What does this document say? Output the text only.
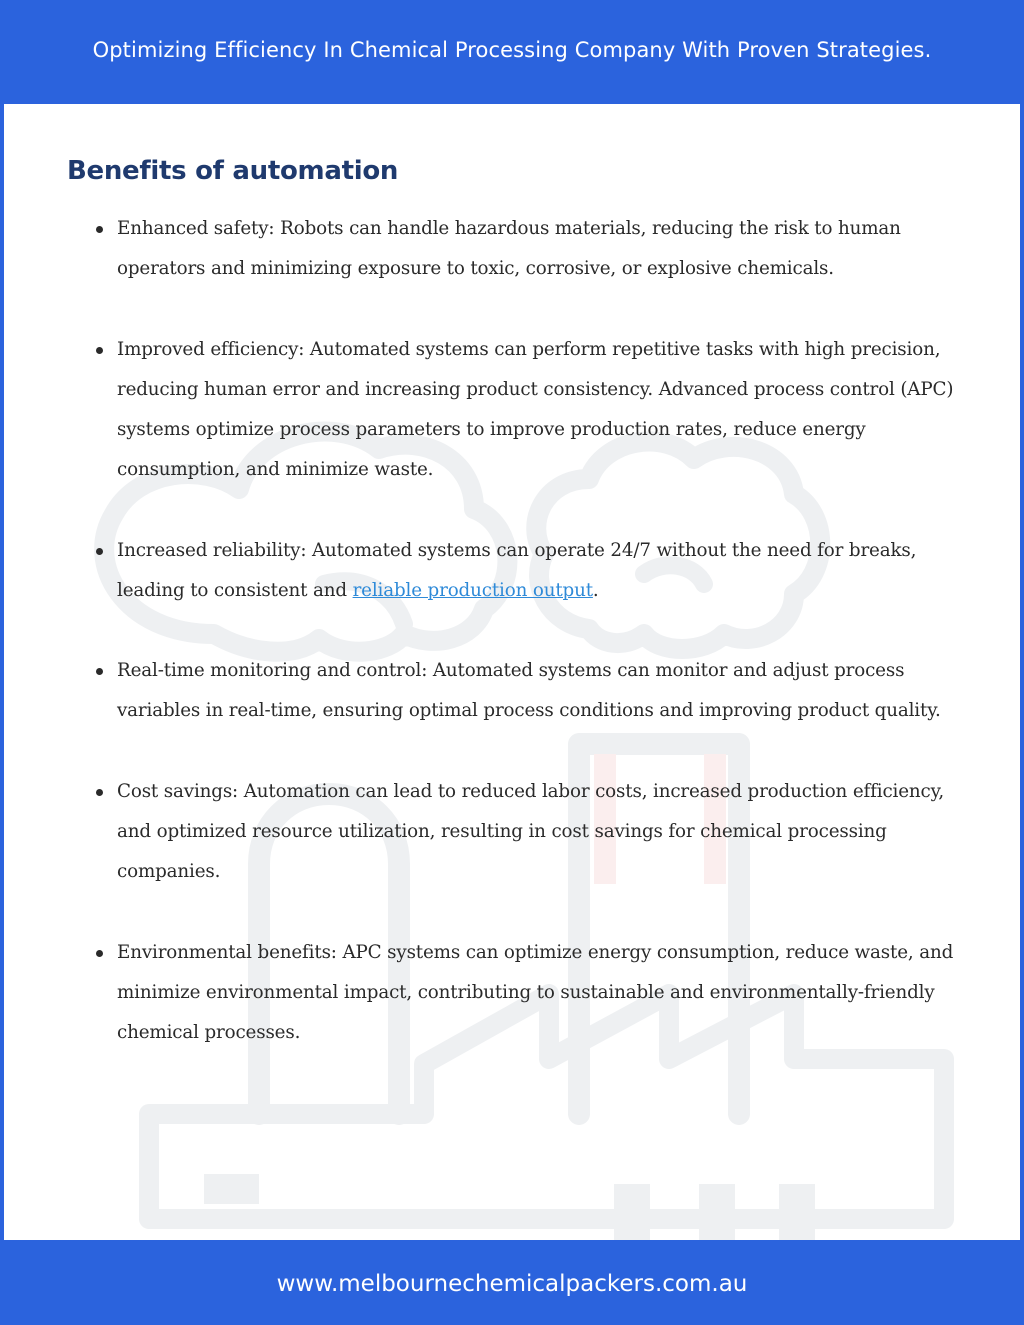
Optimizing Efficiency In Chemical Processing Company With Proven Strategies.
Benefits of automation
Enhanced safety: Robots can handle hazardous materials, reducing the risk to human operators and minimizing exposure to toxic, corrosive, or explosive chemicals.
Improved efficiency: Automated systems can perform repetitive tasks with high precision, reducing human error and increasing product consistency. Advanced process control (APC) systems optimize process parameters to improve production rates, reduce energy consumption, and minimize waste.
Increased reliability: Automated systems can operate 24/7 without the need for breaks, leading to consistent and reliable production output.
Real-time monitoring and control: Automated systems can monitor and adjust process variables in real-time, ensuring optimal process conditions and improving product quality.
Cost savings: Automation can lead to reduced labor costs, increased production efficiency, and optimized resource utilization, resulting in cost savings for chemical processing companies.
Environmental benefits: APC systems can optimize energy consumption, reduce waste, and minimize environmental impact, contributing to sustainable and environmentally-friendly chemical processes.
www.melbournechemicalpackers.com.au
